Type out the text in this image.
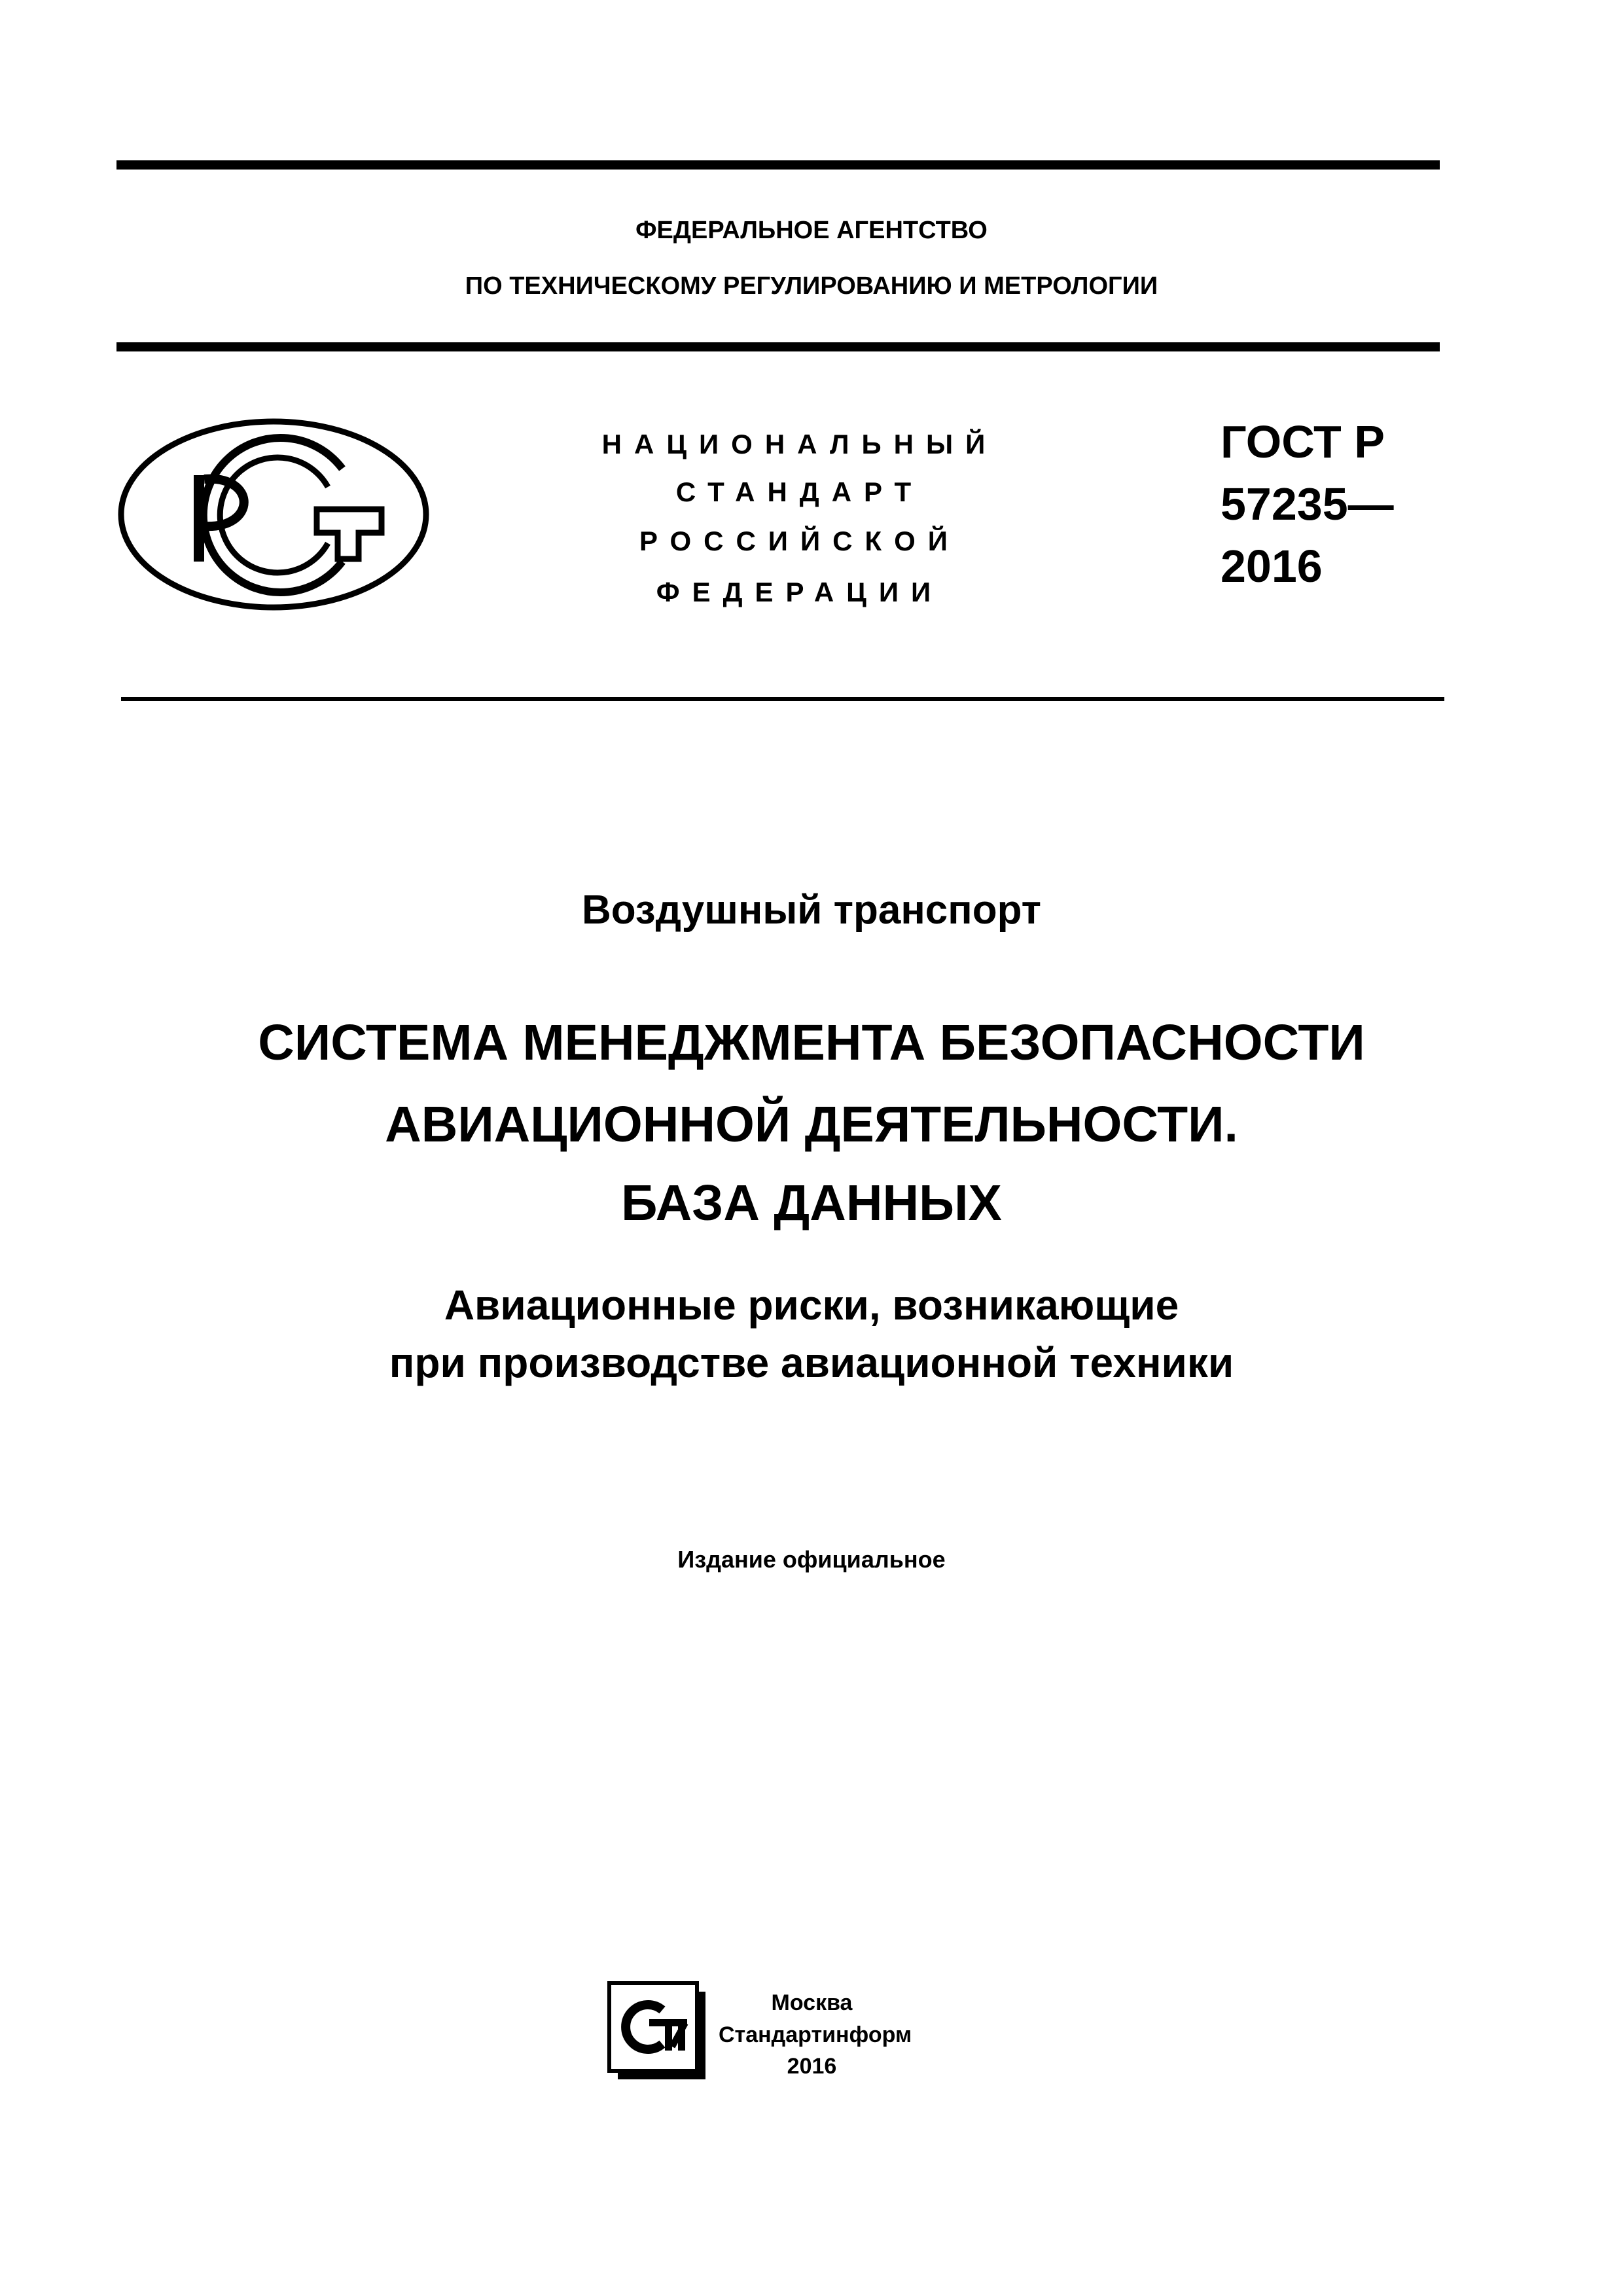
ФЕДЕРАЛЬНОЕ АГЕНТСТВО
ПО ТЕХНИЧЕСКОМУ РЕГУЛИРОВАНИЮ И МЕТРОЛОГИИ
НАЦИОНАЛЬНЫЙ
СТАНДАРТ
РОССИЙСКОЙ
ФЕДЕРАЦИИ
ГОСТ Р
57235—
2016
Воздушный транспорт
СИСТЕМА МЕНЕДЖМЕНТА БЕЗОПАСНОСТИ
АВИАЦИОННОЙ ДЕЯТЕЛЬНОСТИ.
БАЗА ДАННЫХ
Авиационные риски, возникающие
при производстве авиационной техники
Издание официальное
Москва
Стандартинформ
2016
